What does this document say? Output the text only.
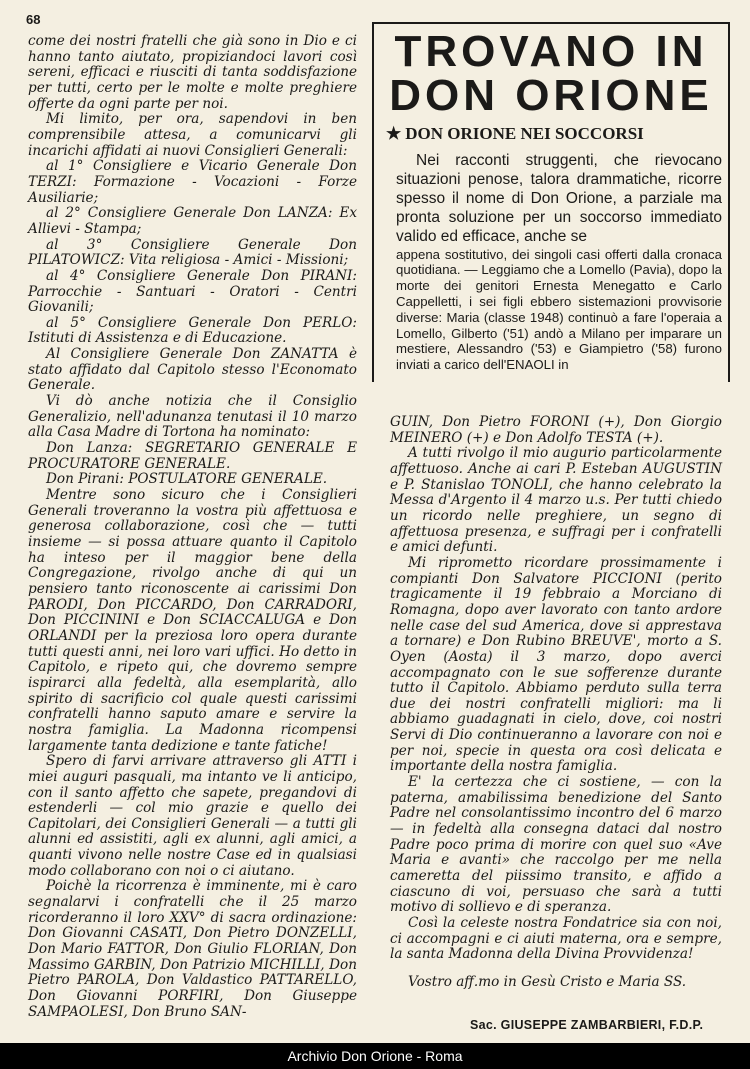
68

come dei nostri fratelli che già sono in Dio e ci hanno tanto aiutato, propiziandoci lavori così sereni, efficaci e riusciti di tanta soddisfazione per tutti, certo per le molte e molte preghiere offerte da ogni parte per noi.

Mi limito, per ora, sapendovi in ben comprensibile attesa, a comunicarvi gli incarichi affidati ai nuovi Consiglieri Generali:

al 1° Consigliere e Vicario Generale Don TERZI: Formazione - Vocazioni - Forze Ausiliarie;

al 2° Consigliere Generale Don LANZA: Ex Allievi - Stampa;

al 3° Consigliere Generale Don PILATOWICZ: Vita religiosa - Amici - Missioni;

al 4° Consigliere Generale Don PIRANI: Parrocchie - Santuari - Oratori - Centri Giovanili;

al 5° Consigliere Generale Don PERLO: Istituti di Assistenza e di Educazione.

Al Consigliere Generale Don ZANATTA è stato affidato dal Capitolo stesso l'Economato Generale.

Vi dò anche notizia che il Consiglio Generalizio, nell'adunanza tenutasi il 10 marzo alla Casa Madre di Tortona ha nominato:

Don Lanza: SEGRETARIO GENERALE E PROCURATORE GENERALE.

Don Pirani: POSTULATORE GENERALE.

Mentre sono sicuro che i Consiglieri Generali troveranno la vostra più affettuosa e generosa collaborazione, così che — tutti insieme — si possa attuare quanto il Capitolo ha inteso per il maggior bene della Congregazione, rivolgo anche di qui un pensiero tanto riconoscente ai carissimi Don PARODI, Don PICCARDO, Don CARRADORI, Don PICCININI e Don SCIACCALUGA e Don ORLANDI per la preziosa loro opera durante tutti questi anni, nei loro vari uffici. Ho detto in Capitolo, e ripeto qui, che dovremo sempre ispirarci alla fedeltà, alla esemplarità, allo spirito di sacrificio col quale questi carissimi confratelli hanno saputo amare e servire la nostra famiglia. La Madonna ricompensi largamente tanta dedizione e tante fatiche!

Spero di farvi arrivare attraverso gli ATTI i miei auguri pasquali, ma intanto ve li anticipo, con il santo affetto che sapete, pregandovi di estenderli — col mio grazie e quello dei Capitolari, dei Consiglieri Generali — a tutti gli alunni ed assistiti, agli ex alunni, agli amici, a quanti vivono nelle nostre Case ed in qualsiasi modo collaborano con noi o ci aiutano.

Poichè la ricorrenza è imminente, mi è caro segnalarvi i confratelli che il 25 marzo ricorderanno il loro XXV° di sacra ordinazione: Don Giovanni CASATI, Don Pietro DONZELLI, Don Mario FATTOR, Don Giulio FLORIAN, Don Massimo GARBIN, Don Patrizio MICHILLI, Don Pietro PAROLA, Don Valdastico PATTARELLO, Don Giovanni PORFIRI, Don Giuseppe SAMPAOLESI, Don Bruno SAN-

TROVANO IN DON ORIONE
★ DON ORIONE NEI SOCCORSI

Nei racconti struggenti, che rievocano situazioni penose, talora drammatiche, ricorre spesso il nome di Don Orione, a parziale ma pronta soluzione per un soccorso immediato valido ed efficace, anche se

appena sostitutivo, dei singoli casi offerti dalla cronaca quotidiana. — Leggiamo che a Lomello (Pavia), dopo la morte dei genitori Ernesta Menegatto e Carlo Cappelletti, i sei figli ebbero sistemazioni provvisorie diverse: Maria (classe 1948) continuò a fare l'operaia a Lomello, Gilberto ('51) andò a Milano per imparare un mestiere, Alessandro ('53) e Giampietro ('58) furono inviati a carico dell'ENAOLI in

GUIN, Don Pietro FORONI (+), Don Giorgio MEINERO (+) e Don Adolfo TESTA (+).

A tutti rivolgo il mio augurio particolarmente affettuoso. Anche ai cari P. Esteban AUGUSTIN e P. Stanislao TONOLI, che hanno celebrato la Messa d'Argento il 4 marzo u.s. Per tutti chiedo un ricordo nelle preghiere, un segno di affettuosa presenza, e suffragi per i confratelli e amici defunti.

Mi riprometto ricordare prossimamente i compianti Don Salvatore PICCIONI (perito tragicamente il 19 febbraio a Morciano di Romagna, dopo aver lavorato con tanto ardore nelle case del sud America, dove si apprestava a tornare) e Don Rubino BREUVE', morto a S. Oyen (Aosta) il 3 marzo, dopo averci accompagnato con le sue sofferenze durante tutto il Capitolo. Abbiamo perduto sulla terra due dei nostri confratelli migliori: ma li abbiamo guadagnati in cielo, dove, coi nostri Servi di Dio continueranno a lavorare con noi e per noi, specie in questa ora così delicata e importante della nostra famiglia.

E' la certezza che ci sostiene, — con la paterna, amabilissima benedizione del Santo Padre nel consolantissimo incontro del 6 marzo — in fedeltà alla consegna dataci dal nostro Padre poco prima di morire con quel suo «Ave Maria e avanti» che raccolgo per me nella cameretta del piissimo transito, e affido a ciascuno di voi, persuaso che sarà a tutti motivo di sollievo e di speranza.

Così la celeste nostra Fondatrice sia con noi, ci accompagni e ci aiuti materna, ora e sempre, la santa Madonna della Divina Provvidenza!

Vostro aff.mo in Gesù Cristo e Maria SS.

Sac. GIUSEPPE ZAMBARBIERI, F.D.P.

Archivio Don Orione - Roma
